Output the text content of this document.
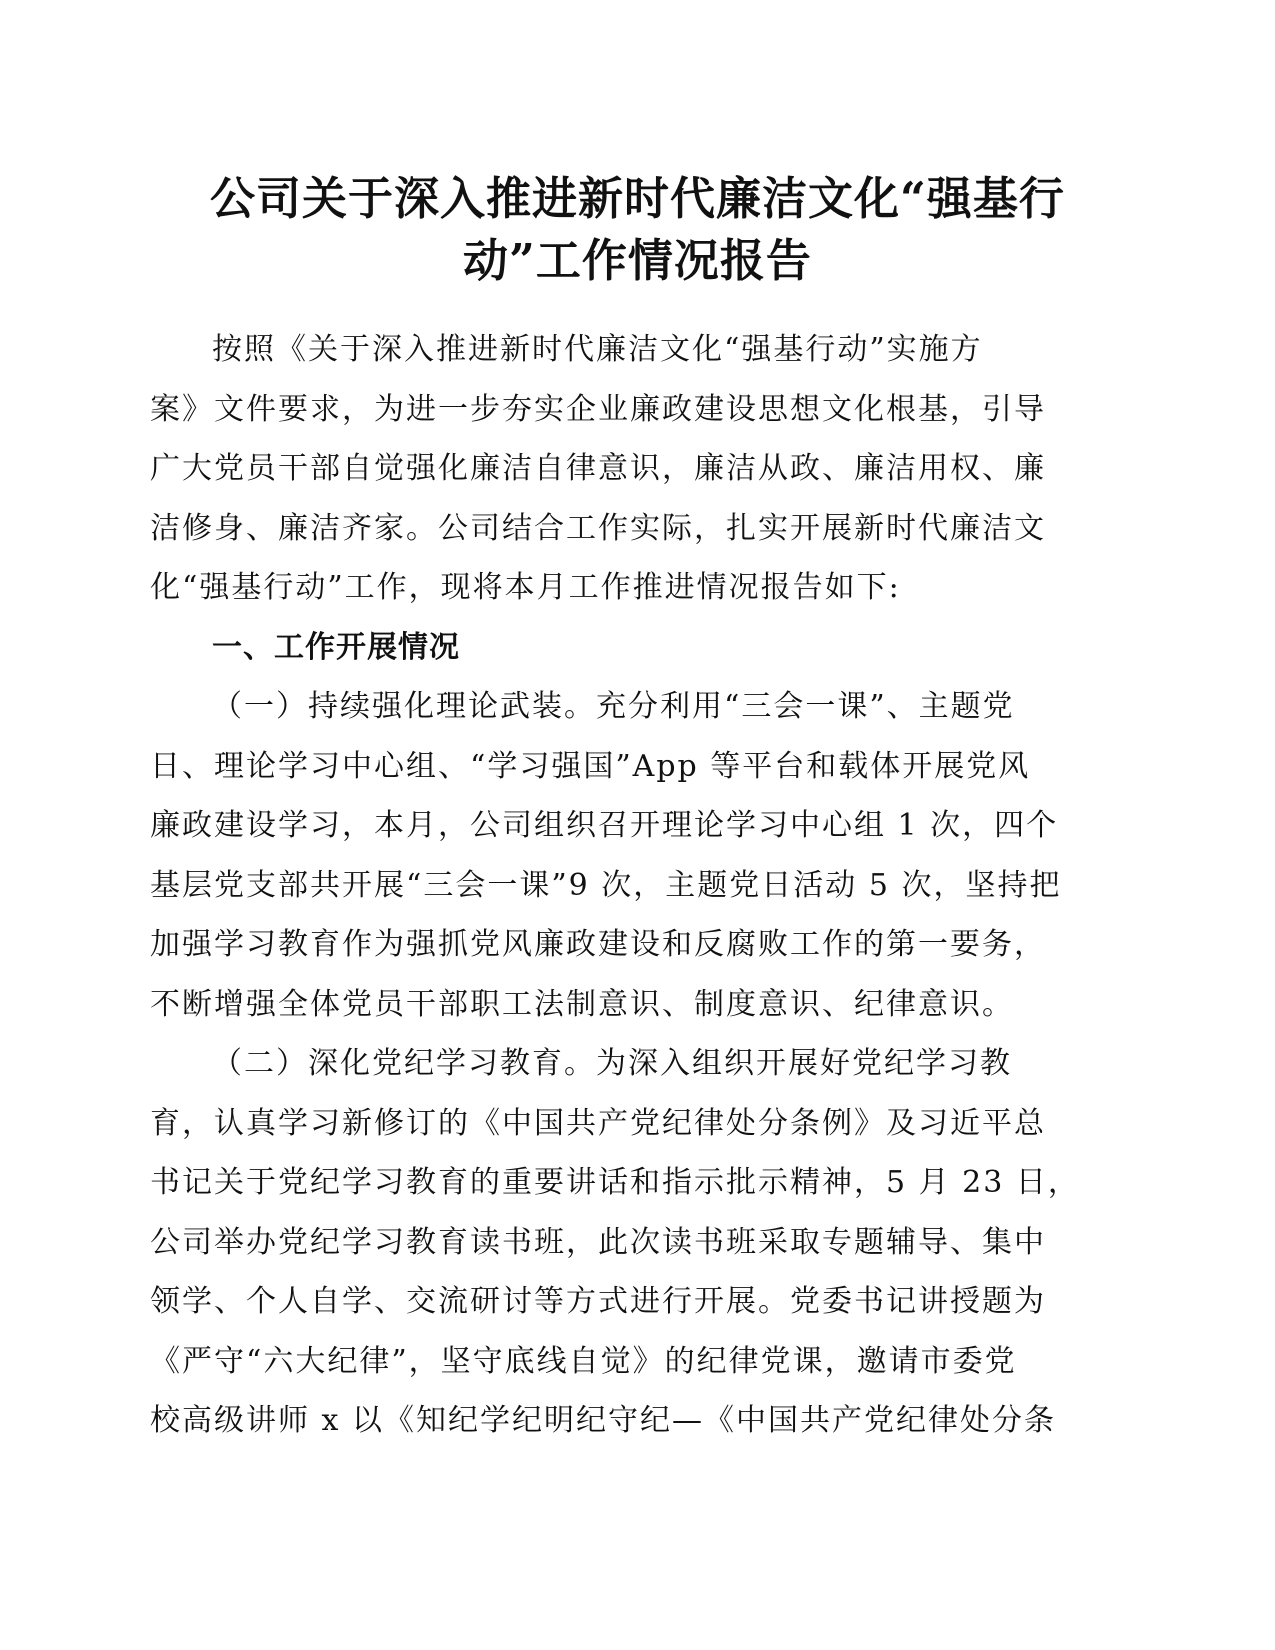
公司关于深入推进新时代廉洁文化“强基行
动”工作情况报告
按照《关于深入推进新时代廉洁文化“强基行动”实施方
案》文件要求，为进一步夯实企业廉政建设思想文化根基，引导
广大党员干部自觉强化廉洁自律意识，廉洁从政、廉洁用权、廉
洁修身、廉洁齐家。公司结合工作实际，扎实开展新时代廉洁文
化“强基行动”工作，现将本月工作推进情况报告如下:
一、工作开展情况
（一）持续强化理论武装。充分利用“三会一课”、主题党
日、理论学习中心组、“学习强国”App 等平台和载体开展党风
廉政建设学习，本月，公司组织召开理论学习中心组 1 次，四个
基层党支部共开展“三会一课”9 次，主题党日活动 5 次，坚持把
加强学习教育作为强抓党风廉政建设和反腐败工作的第一要务，
不断增强全体党员干部职工法制意识、制度意识、纪律意识。
（二）深化党纪学习教育。为深入组织开展好党纪学习教
育，认真学习新修订的《中国共产党纪律处分条例》及习近平总
书记关于党纪学习教育的重要讲话和指示批示精神，5 月 23 日，
公司举办党纪学习教育读书班，此次读书班采取专题辅导、集中
领学、个人自学、交流研讨等方式进行开展。党委书记讲授题为
《严守“六大纪律”，坚守底线自觉》的纪律党课，邀请市委党
校高级讲师 x 以《知纪学纪明纪守纪—《中国共产党纪律处分条
